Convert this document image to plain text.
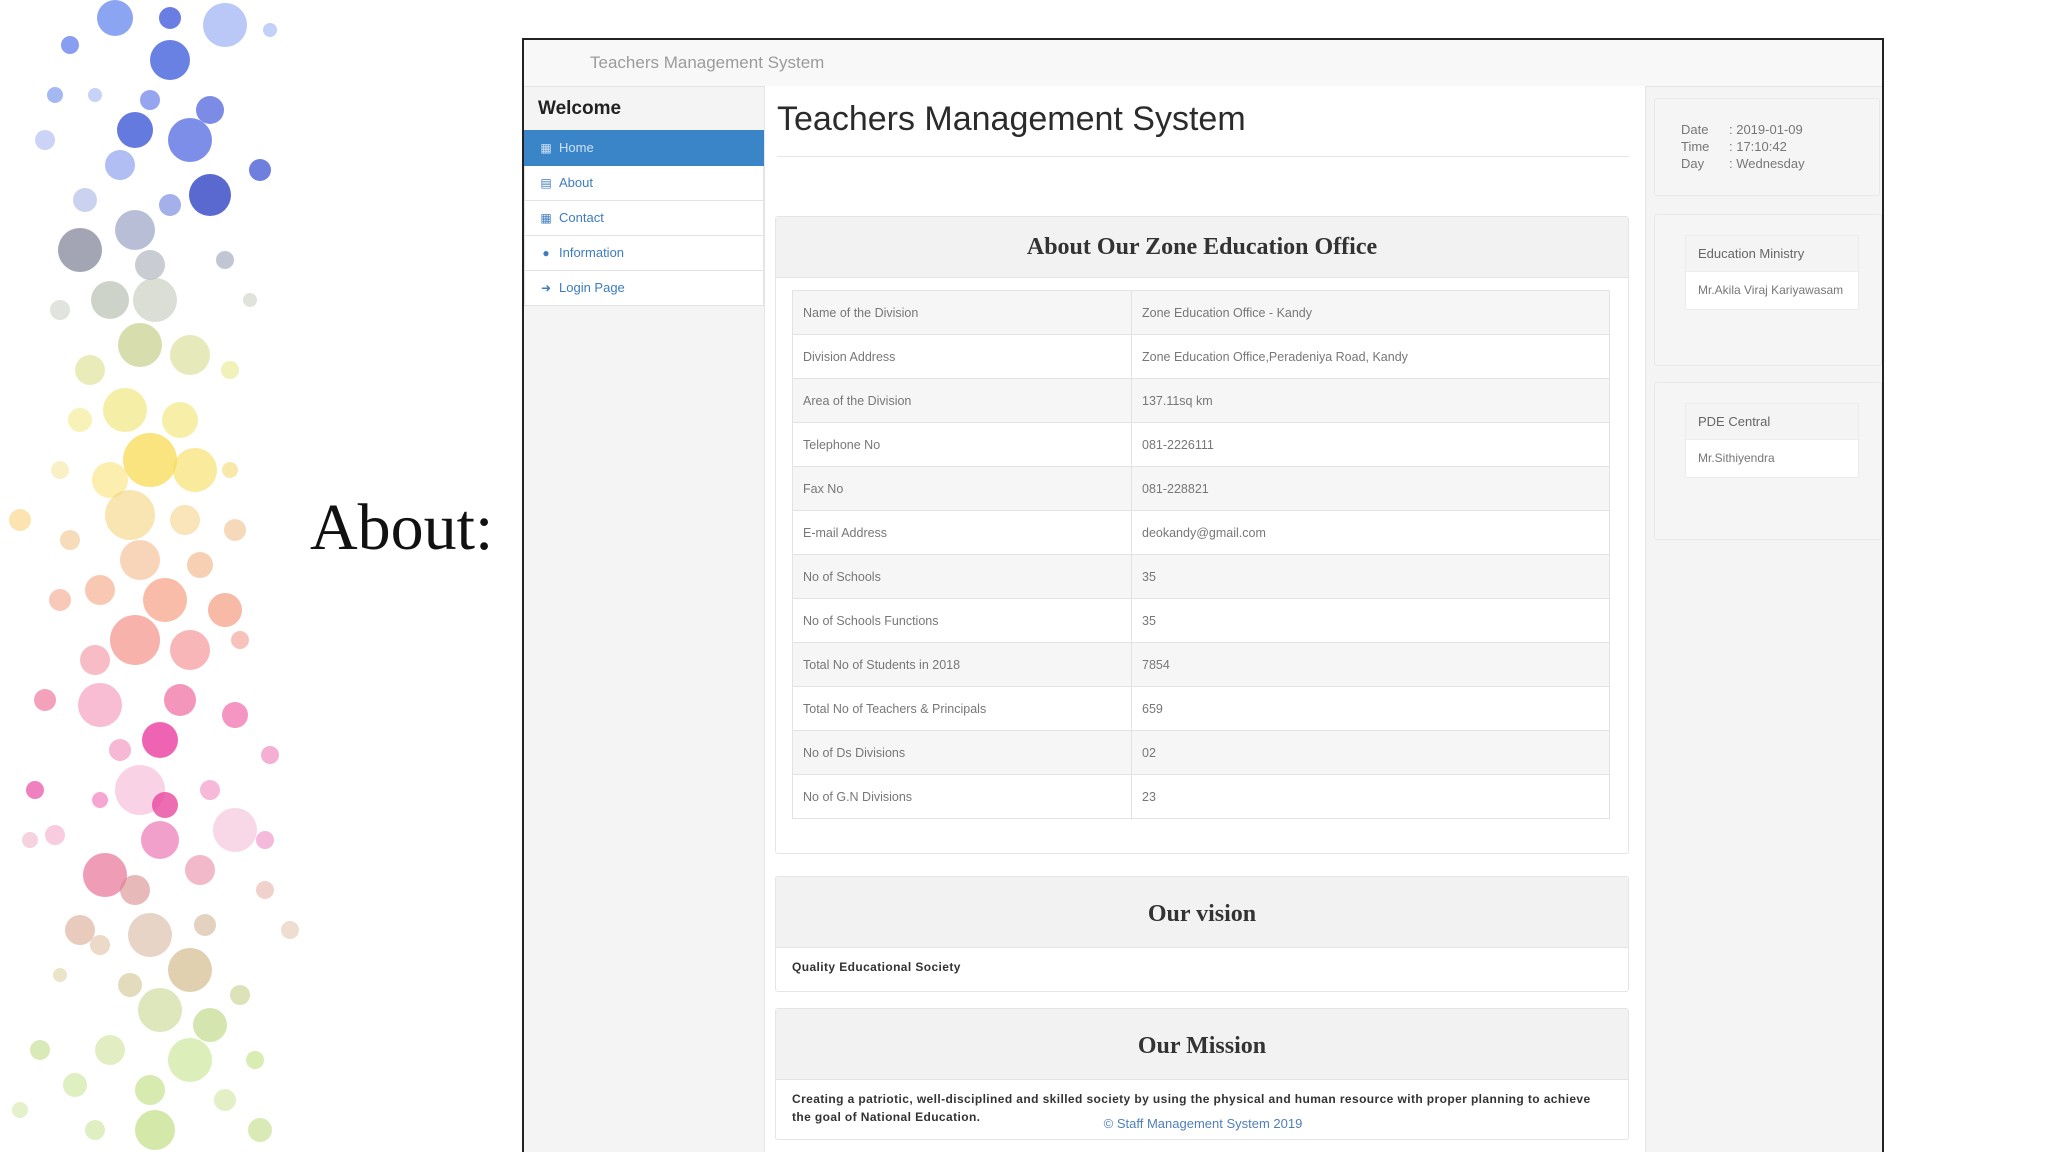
About:
Teachers Management System
Welcome
▦ Home
▤ About
▦ Contact
● Information
➜ Login Page
Teachers Management System
About Our Zone Education Office
Name of the Division	Zone Education Office - Kandy
Division Address	Zone Education Office,Peradeniya Road, Kandy
Area of the Division	137.11sq km
Telephone No	081-2226111
Fax No	081-228821
E-mail Address	deokandy@gmail.com
No of Schools	35
No of Schools Functions	35
Total No of Students in 2018	7854
Total No of Teachers & Principals	659
No of Ds Divisions	02
No of G.N Divisions	23
Our vision
Quality Educational Society
Our Mission
Creating a patriotic, well-disciplined and skilled society by using the physical and human resource with proper planning to achieve the goal of National Education.
Date	: 2019-01-09
Time	: 17:10:42
Day	: Wednesday
Education Ministry
Mr.Akila Viraj Kariyawasam
PDE Central
Mr.Sithiyendra
© Staff Management System 2019
